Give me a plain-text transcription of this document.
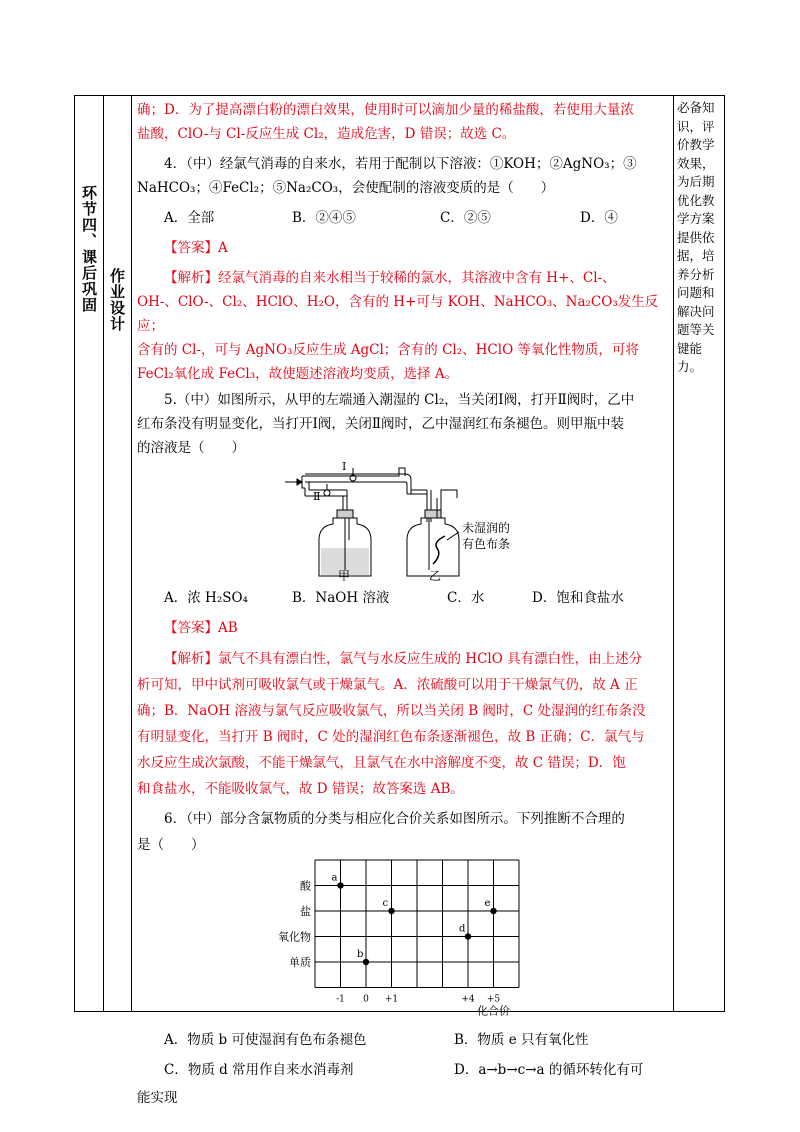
环节四、课后巩固 作业设计
必备知识，评价教学效果，为后期优化教学方案提供依据，培养分析问题和解决问题等关键能力。

确；D．为了提高漂白粉的漂白效果，使用时可以滴加少量的稀盐酸，若使用大量浓

盐酸，ClO-与 Cl-反应生成 Cl₂，造成危害，D 错误；故选 C。

4．（中）经氯气消毒的自来水，若用于配制以下溶液：①KOH；②AgNO₃；③

NaHCO₃；④FeCl₂；⑤Na₂CO₃，会使配制的溶液变质的是（　　）

A．全部	B．②④⑤	C．②⑤	D．④

【答案】A

【解析】经氯气消毒的自来水相当于较稀的氯水，其溶液中含有 H+、Cl-、

OH-、ClO-、Cl₂、HClO、H₂O，含有的 H+可与 KOH、NaHCO₃、Na₂CO₃发生反应；

含有的 Cl-，可与 AgNO₃反应生成 AgCl；含有的 Cl₂、HClO 等氧化性物质，可将

FeCl₂氧化成 FeCl₃，故使题述溶液均变质，选择 A。

5.（中）如图所示，从甲的左端通入潮湿的 Cl₂，当关闭Ⅰ阀，打开Ⅱ阀时，乙中

红布条没有明显变化，当打开Ⅰ阀，关闭Ⅱ阀时，乙中湿润红布条褪色。则甲瓶中装

的溶液是（　　）

Ⅰ
Ⅱ
甲	乙
未湿润的
有色布条
A．浓 H₂SO₄	B．NaOH 溶液	C．水	D．饱和食盐水

【答案】AB

【解析】氯气不具有漂白性，氯气与水反应生成的 HClO 具有漂白性，由上述分

析可知，甲中试剂可吸收氯气或干燥氯气。A．浓硫酸可以用于干燥氯气仍，故 A 正

确；B．NaOH 溶液与氯气反应吸收氯气，所以当关闭 B 阀时，C 处湿润的红布条没

有明显变化，当打开 B 阀时，C 处的湿润红色布条逐渐褪色，故 B 正确；C．氯气与

水反应生成次氯酸，不能干燥氯气，且氯气在水中溶解度不变，故 C 错误；D．饱

和食盐水，不能吸收氯气，故 D 错误；故答案选 AB。

6．（中）部分含氯物质的分类与相应化合价关系如图所示。下列推断不合理的

是（　　）

单质
氧化物
盐
酸
-1 0 +1	+4 +5
化合价
a
b
c
d
e
A．物质 b 可使湿润有色布条褪色	B．物质 e 只有氧化性
C．物质 d 常用作自来水消毒剂	D．a→b→c→a 的循环转化有可

能实现
